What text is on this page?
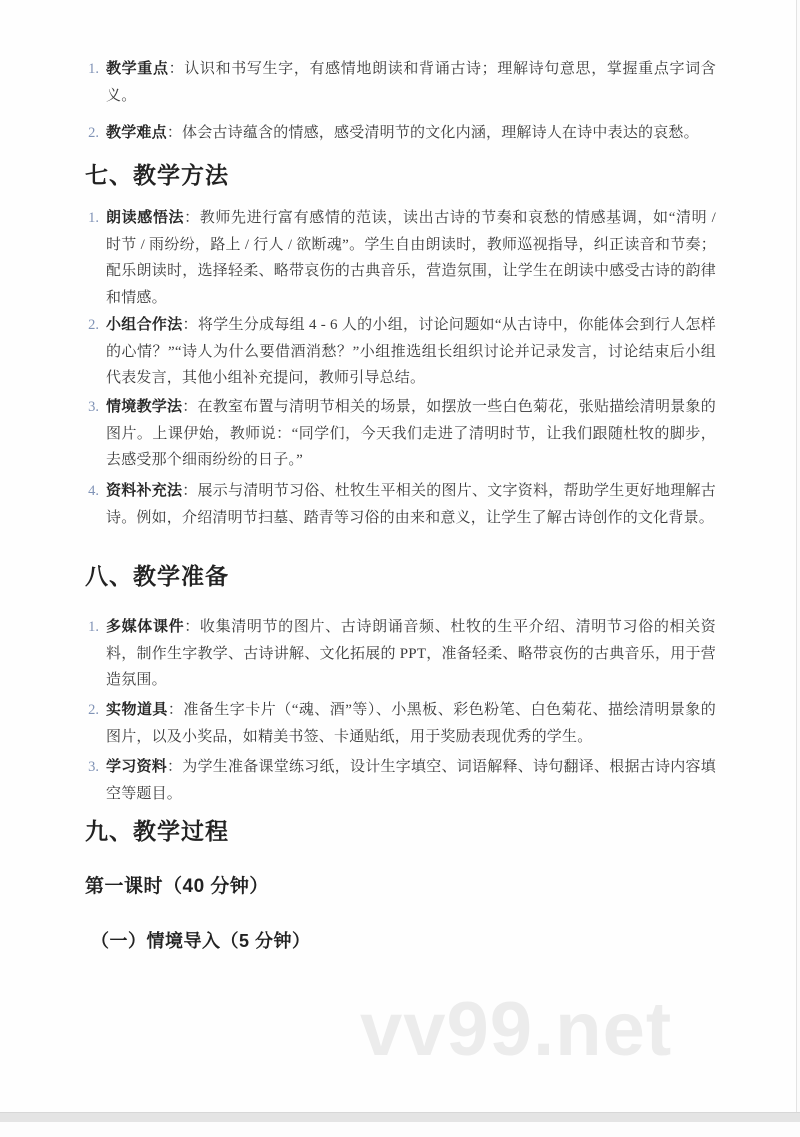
vv99.net
1. 教学重点：认识和书写生字，有感情地朗读和背诵古诗；理解诗句意思，掌握重点字词含义。
2. 教学难点：体会古诗蕴含的情感，感受清明节的文化内涵，理解诗人在诗中表达的哀愁。
七、教学方法
1. 朗读感悟法：教师先进行富有感情的范读，读出古诗的节奏和哀愁的情感基调，如“清明 / 时节 / 雨纷纷，路上 / 行人 / 欲断魂”。学生自由朗读时，教师巡视指导，纠正读音和节奏；配乐朗读时，选择轻柔、略带哀伤的古典音乐，营造氛围，让学生在朗读中感受古诗的韵律和情感。
2. 小组合作法：将学生分成每组 4 - 6 人的小组，讨论问题如“从古诗中，你能体会到行人怎样的心情？”“诗人为什么要借酒消愁？”小组推选组长组织讨论并记录发言，讨论结束后小组代表发言，其他小组补充提问，教师引导总结。
3. 情境教学法：在教室布置与清明节相关的场景，如摆放一些白色菊花，张贴描绘清明景象的图片。上课伊始，教师说：“同学们，今天我们走进了清明时节，让我们跟随杜牧的脚步，去感受那个细雨纷纷的日子。”
4. 资料补充法：展示与清明节习俗、杜牧生平相关的图片、文字资料，帮助学生更好地理解古诗。例如，介绍清明节扫墓、踏青等习俗的由来和意义，让学生了解古诗创作的文化背景。
八、教学准备
1. 多媒体课件：收集清明节的图片、古诗朗诵音频、杜牧的生平介绍、清明节习俗的相关资料，制作生字教学、古诗讲解、文化拓展的 PPT，准备轻柔、略带哀伤的古典音乐，用于营造氛围。
2. 实物道具：准备生字卡片（“魂、酒”等）、小黑板、彩色粉笔、白色菊花、描绘清明景象的图片，以及小奖品，如精美书签、卡通贴纸，用于奖励表现优秀的学生。
3. 学习资料：为学生准备课堂练习纸，设计生字填空、词语解释、诗句翻译、根据古诗内容填空等题目。
九、教学过程
第一课时（40 分钟）
（一）情境导入（5 分钟）
